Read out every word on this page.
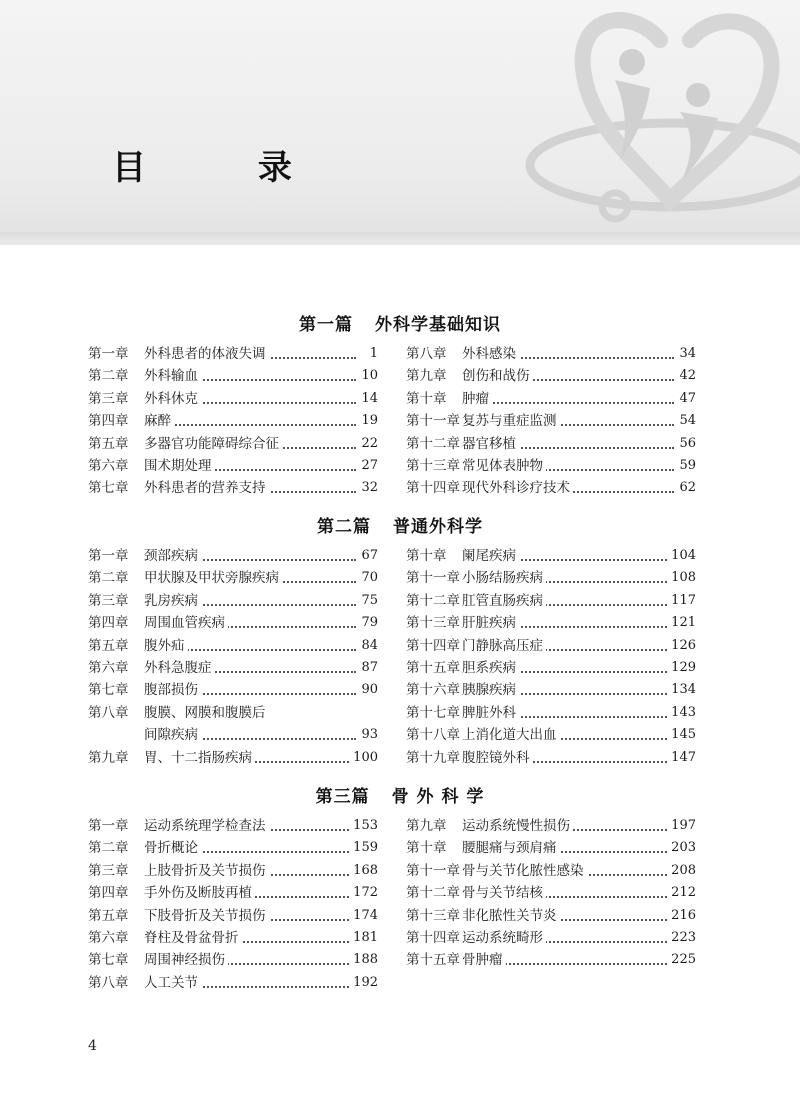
目 录
第一篇 外科学基础知识
第一章 外科患者的体液失调	1
第二章 外科输血	10
第三章 外科休克	14
第四章 麻醉	19
第五章 多器官功能障碍综合征	22
第六章 围术期处理	27
第七章 外科患者的营养支持	32
第八章 外科感染	34
第九章 创伤和战伤	42
第十章 肿瘤	47
第十一章 复苏与重症监测	54
第十二章 器官移植	56
第十三章 常见体表肿物	59
第十四章 现代外科诊疗技术	62
第二篇 普通外科学
第一章 颈部疾病	67
第二章 甲状腺及甲状旁腺疾病	70
第三章 乳房疾病	75
第四章 周围血管疾病	79
第五章 腹外疝	84
第六章 外科急腹症	87
第七章 腹部损伤	90
第八章 腹膜、网膜和腹膜后
间隙疾病	93
第九章 胃、十二指肠疾病	100
第十章 阑尾疾病	104
第十一章 小肠结肠疾病	108
第十二章 肛管直肠疾病	117
第十三章 肝脏疾病	121
第十四章 门静脉高压症	126
第十五章 胆系疾病	129
第十六章 胰腺疾病	134
第十七章 脾脏外科	143
第十八章 上消化道大出血	145
第十九章 腹腔镜外科	147
第三篇 骨 外 科 学
第一章 运动系统理学检查法	153
第二章 骨折概论	159
第三章 上肢骨折及关节损伤	168
第四章 手外伤及断肢再植	172
第五章 下肢骨折及关节损伤	174
第六章 脊柱及骨盆骨折	181
第七章 周围神经损伤	188
第八章 人工关节	192
第九章 运动系统慢性损伤	197
第十章 腰腿痛与颈肩痛	203
第十一章 骨与关节化脓性感染	208
第十二章 骨与关节结核	212
第十三章 非化脓性关节炎	216
第十四章 运动系统畸形	223
第十五章 骨肿瘤	225
4
